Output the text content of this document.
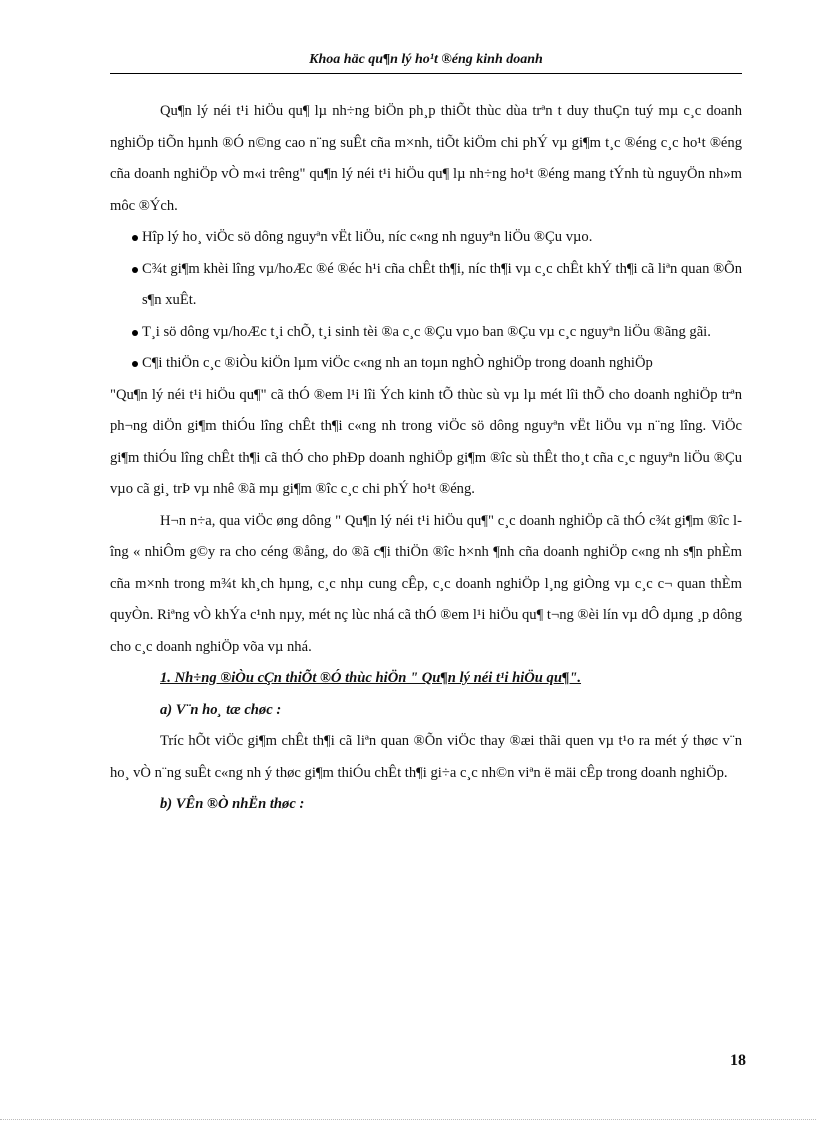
Khoa häc qu¶n lý ho¹t ®éng kinh doanh

Qu¶n lý néi t¹i hiÖu qu¶ lµ nh÷ng biÖn ph¸p thiÕt thùc dùa trªn t duy thuÇn tuý mµ c¸c doanh nghiÖp tiÕn hµnh ®Ó n©ng cao n¨ng suÊt cña m×nh, tiÕt kiÖm chi phÝ vµ gi¶m t¸c ®éng c¸c ho¹t ®éng cña doanh nghiÖp vÒ m«i trêng" qu¶n lý néi t¹i hiÖu qu¶ lµ nh÷ng ho¹t ®éng mang tÝnh tù nguyÖn nh»m môc ®Ých.

Hîp lý ho¸ viÖc sö dông nguyªn vËt liÖu, níc c«ng nh nguyªn liÖu ®Çu vµo.
C¾t gi¶m khèi lîng vµ/hoÆc ®é ®éc h¹i cña chÊt th¶i, níc th¶i vµ c¸c chÊt khÝ th¶i cã liªn quan ®Õn s¶n xuÊt.
T¸i sö dông vµ/hoÆc t¸i chÕ, t¸i sinh tèi ®a c¸c ®Çu vµo ban ®Çu vµ c¸c nguyªn liÖu ®ãng gãi.
C¶i thiÖn c¸c ®iÒu kiÖn lµm viÖc c«ng nh an toµn nghÒ nghiÖp trong doanh nghiÖp

"Qu¶n lý néi t¹i hiÖu qu¶" cã thÓ ®em l¹i lîi Ých kinh tÕ thùc sù vµ lµ mét lîi thÕ cho doanh nghiÖp trªn ph¬ng diÖn gi¶m thiÓu lîng chÊt th¶i c«ng nh trong viÖc sö dông nguyªn vËt liÖu vµ n¨ng lîng. ViÖc gi¶m thiÓu lîng chÊt th¶i cã thÓ cho phÐp doanh nghiÖp gi¶m ®îc sù thÊt tho¸t cña c¸c nguyªn liÖu ®Çu vµo cã gi¸ trÞ vµ nhê ®ã mµ gi¶m ®îc c¸c chi phÝ ho¹t ®éng.

H¬n n÷a, qua viÖc øng dông " Qu¶n lý néi t¹i hiÖu qu¶" c¸c doanh nghiÖp cã thÓ c¾t gi¶m ®îc lîng « nhiÔm g©y ra cho céng ®ång, do ®ã c¶i thiÖn ®îc h×nh ¶nh cña doanh nghiÖp c«ng nh s¶n phÈm cña m×nh trong m¾t kh¸ch hµng, c¸c nhµ cung cÊp, c¸c doanh nghiÖp l¸ng giÒng vµ c¸c c¬ quan thÈm quyÒn. Riªng vÒ khÝa c¹nh nµy, mét nç lùc nhá cã thÓ ®em l¹i hiÖu qu¶ t¬ng ®èi lín vµ dÔ dµng ¸p dông cho c¸c doanh nghiÖp võa vµ nhá.

1. Nh÷ng ®iÒu cÇn thiÕt ®Ó thùc hiÖn " Qu¶n lý néi t¹i hiÖu qu¶".

a) V¨n ho¸ tæ chøc :

Tríc hÕt viÖc gi¶m chÊt th¶i cã liªn quan ®Õn viÖc thay ®æi thãi quen vµ t¹o ra mét ý thøc v¨n ho¸ vÒ n¨ng suÊt c«ng nh ý thøc gi¶m thiÓu chÊt th¶i gi÷a c¸c nh©n viªn ë mäi cÊp trong doanh nghiÖp.

b) VÊn ®Ò nhËn thøc :

18
